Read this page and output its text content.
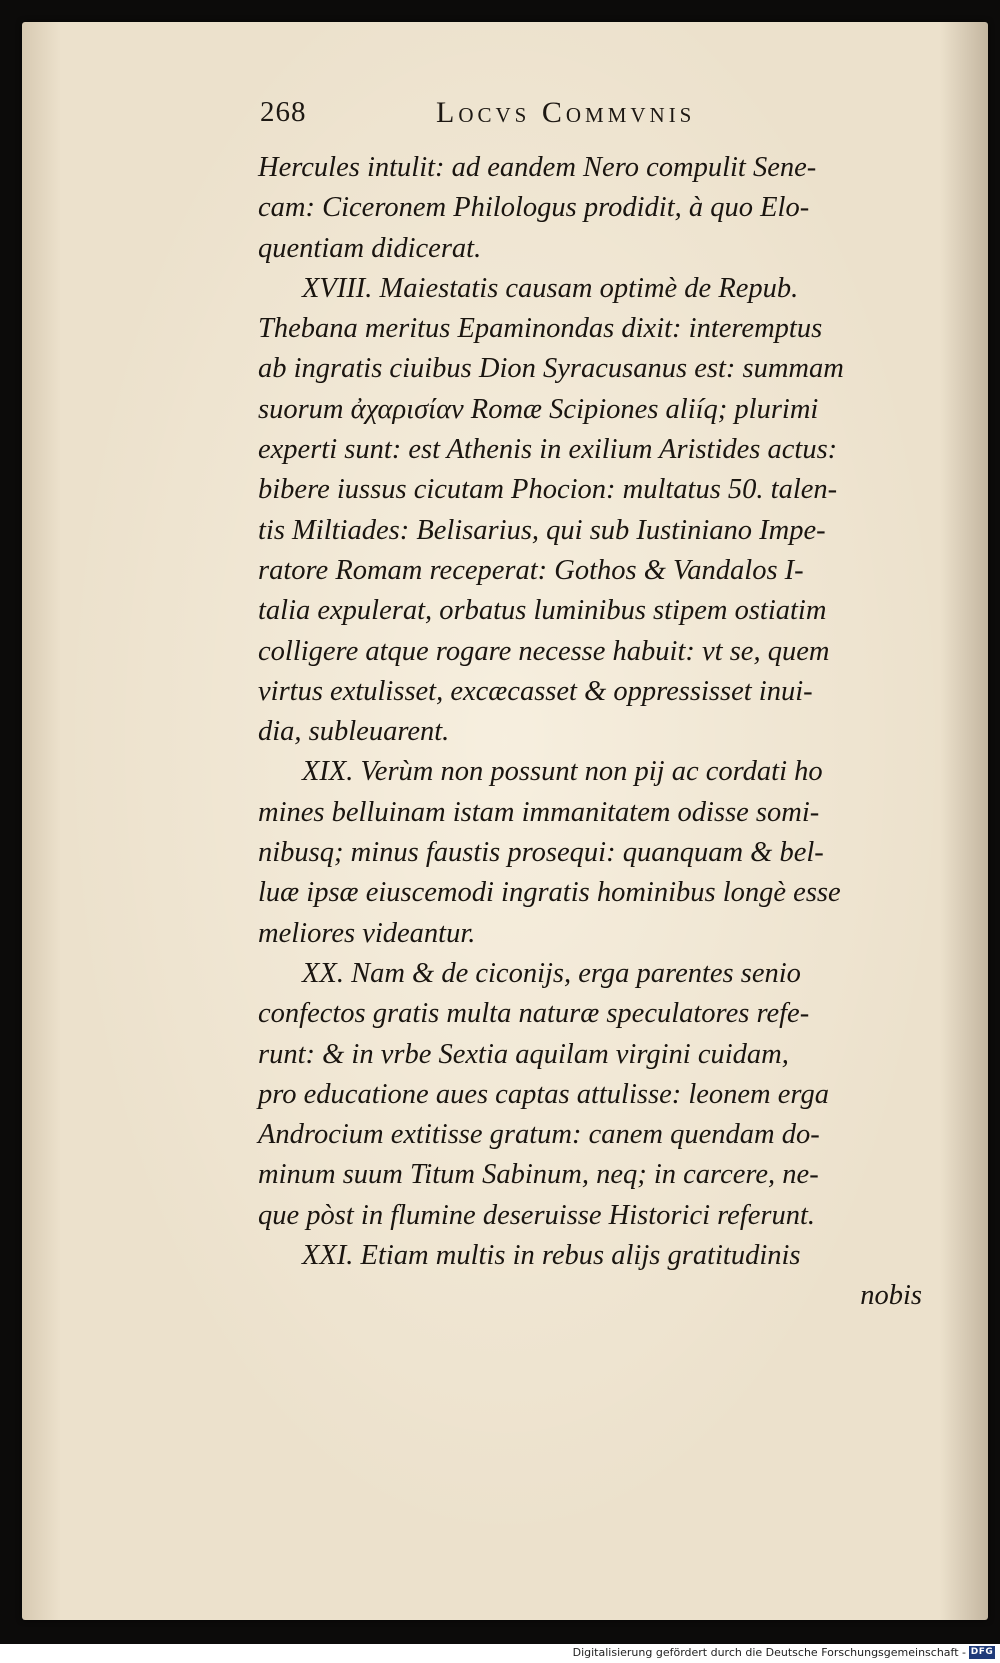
268	Locvs Commvnis
Hercules intulit: ad eandem Nero compulit Sene-
cam: Ciceronem Philologus prodidit, à quo Elo-
quentiam didicerat.
XVIII. Maiestatis causam optimè de Repub.
Thebana meritus Epaminondas dixit: interemptus
ab ingratis ciuibus Dion Syracusanus est: summam
suorum ἀχαρισίαν Romæ Scipiones aliíq; plurimi
experti sunt: est Athenis in exilium Aristides actus:
bibere iussus cicutam Phocion: multatus 50. talen-
tis Miltiades: Belisarius, qui sub Iustiniano Impe-
ratore Romam receperat: Gothos & Vandalos I-
talia expulerat, orbatus luminibus stipem ostiatim
colligere atque rogare necesse habuit: vt se, quem
virtus extulisset, excæcasset & oppressisset inui-
dia, subleuarent.
XIX. Verùm non possunt non pij ac cordati ho
mines belluinam istam immanitatem odisse somi-
nibusq; minus faustis prosequi: quanquam & bel-
luæ ipsæ eiuscemodi ingratis hominibus longè esse
meliores videantur.
XX. Nam & de ciconijs, erga parentes senio
confectos gratis multa naturæ speculatores refe-
runt: & in vrbe Sextia aquilam virgini cuidam,
pro educatione aues captas attulisse: leonem erga
Androcium extitisse gratum: canem quendam do-
minum suum Titum Sabinum, neq; in carcere, ne-
que pòst in flumine deseruisse Historici referunt.
XXI. Etiam multis in rebus alijs gratitudinis
nobis
Digitalisierung gefördert durch die Deutsche Forschungsgemeinschaft - DFG
